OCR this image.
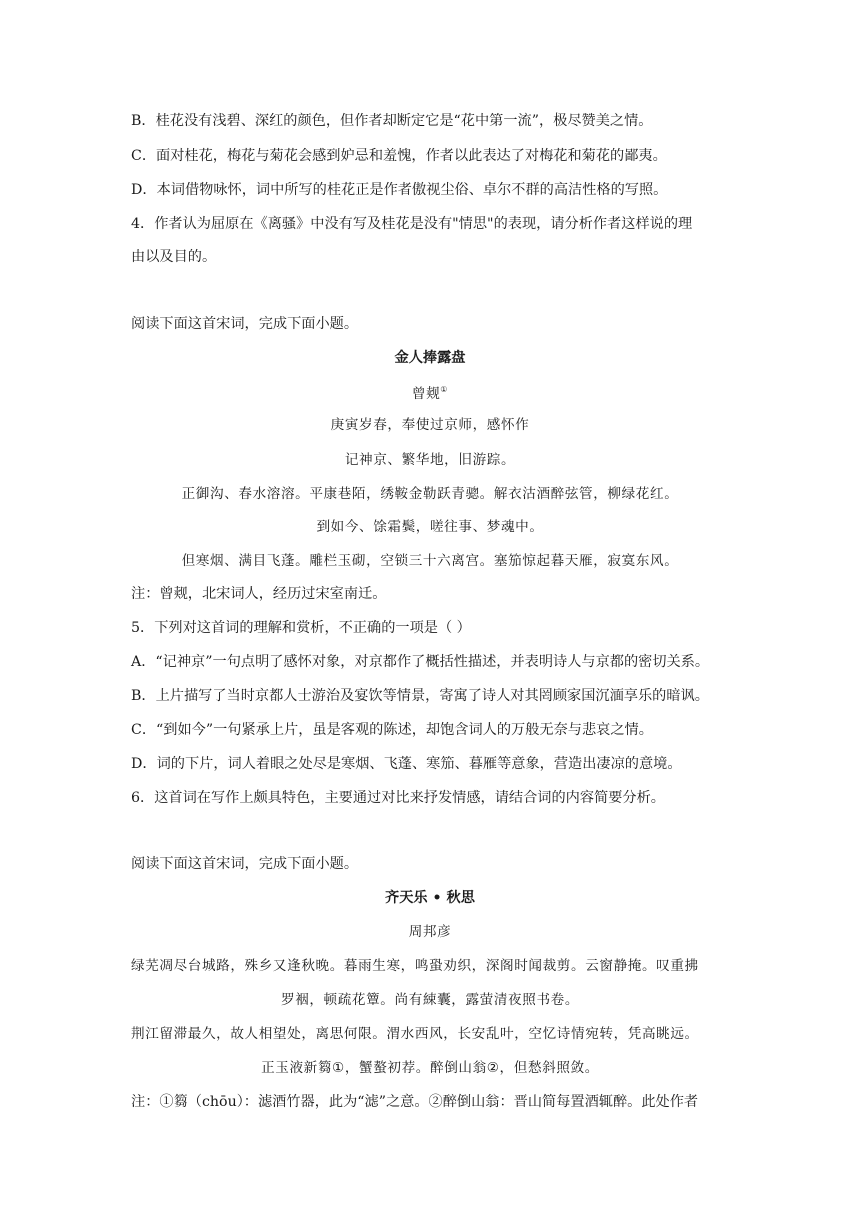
B．桂花没有浅碧、深红的颜色，但作者却断定它是“花中第一流”，极尽赞美之情。
C．面对桂花，梅花与菊花会感到妒忌和羞愧，作者以此表达了对梅花和菊花的鄙夷。
D．本词借物咏怀，词中所写的桂花正是作者傲视尘俗、卓尔不群的高洁性格的写照。
4．作者认为屈原在《离骚》中没有写及桂花是没有"情思"的表现，请分析作者这样说的理
由以及目的。
阅读下面这首宋词，完成下面小题。
金人捧露盘
曾觌①
庚寅岁春，奉使过京师，感怀作
记神京、繁华地，旧游踪。
正御沟、春水溶溶。平康巷陌，绣鞍金勒跃青骢。解衣沽酒醉弦管，柳绿花红。
到如今、馀霜鬓，嗟往事、梦魂中。
但寒烟、满目飞蓬。雕栏玉砌，空锁三十六离宫。塞笳惊起暮天雁，寂寞东风。
注：曾觌，北宋词人，经历过宋室南迁。
5．下列对这首词的理解和赏析，不正确的一项是（ ）
A．“记神京”一句点明了感怀对象，对京都作了概括性描述，并表明诗人与京都的密切关系。
B．上片描写了当时京都人士游治及宴饮等情景，寄寓了诗人对其罔顾家国沉湎享乐的暗讽。
C．“到如今”一句紧承上片，虽是客观的陈述，却饱含词人的万般无奈与悲哀之情。
D．词的下片，词人着眼之处尽是寒烟、飞蓬、寒笳、暮雁等意象，营造出凄凉的意境。
6．这首词在写作上颇具特色，主要通过对比来抒发情感，请结合词的内容简要分析。
阅读下面这首宋词，完成下面小题。
齐天乐 • 秋思
周邦彦
绿芜凋尽台城路，殊乡又逢秋晚。暮雨生寒，鸣蛩劝织，深阁时闻裁剪。云窗静掩。叹重拂
罗裀，顿疏花簟。尚有綀囊，露萤清夜照书卷。
荆江留滞最久，故人相望处，离思何限。渭水西风，长安乱叶，空忆诗情宛转，凭高眺远。
正玉液新篘①，蟹螯初荐。醉倒山翁②，但愁斜照敛。
注：①篘（chōu）：滤酒竹器，此为“滤”之意。②醉倒山翁：晋山简每置酒辄醉。此处作者
